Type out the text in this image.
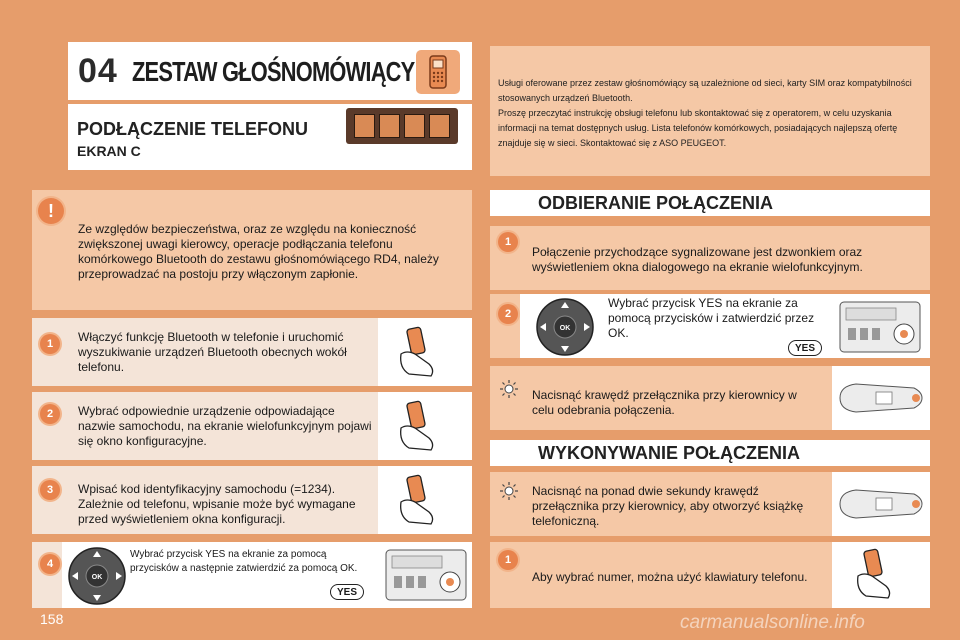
04 ZESTAW GŁOŚNOMÓWIĄCY
PODŁĄCZENIE TELEFONU
EKRAN C
Usługi oferowane przez zestaw głośnomówiący są uzależnione od sieci, karty SIM oraz kompatybilności stosowanych urządzeń Bluetooth.
Proszę przeczytać instrukcję obsługi telefonu lub skontaktować się z operatorem, w celu uzyskania informacji na temat dostępnych usług. Lista telefonów komórkowych, posiadających najlepszą ofertę znajduje się w sieci. Skontaktować się z ASO PEUGEOT.
!
Ze względów bezpieczeństwa, oraz ze względu na konieczność zwiększonej uwagi kierowcy, operacje podłączania telefonu komórkowego Bluetooth do zestawu głośnomówiącego RD4, należy przeprowadzać na postoju przy włączonym zapłonie.
1	Włączyć funkcję Bluetooth w telefonie i uruchomić wyszukiwanie urządzeń Bluetooth obecnych wokół telefonu.
2	Wybrać odpowiednie urządzenie odpowiadające nazwie samochodu, na ekranie wielofunkcyjnym pojawi się okno konfiguracyjne.
3	Wpisać kod identyfikacyjny samochodu (=1234). Zależnie od telefonu, wpisanie może być wymagane przed wyświetleniem okna konfiguracji.
4
Wybrać przycisk YES na ekranie za pomocą przycisków a następnie zatwierdzić za pomocą OK.
YES
ODBIERANIE POŁĄCZENIA
1
Połączenie przychodzące sygnalizowane jest dzwonkiem oraz wyświetleniem okna dialogowego na ekranie wielofunkcyjnym.
2
Wybrać przycisk YES na ekranie za pomocą przycisków i zatwierdzić przez OK.
YES
Nacisnąć krawędź przełącznika przy kierownicy w celu odebrania połączenia.
WYKONYWANIE POŁĄCZENIA
Nacisnąć na ponad dwie sekundy krawędź przełącznika przy kierownicy, aby otworzyć książkę telefoniczną.
1
Aby wybrać numer, można użyć klawiatury telefonu.
OK
OK
158	carmanualsonline.info
